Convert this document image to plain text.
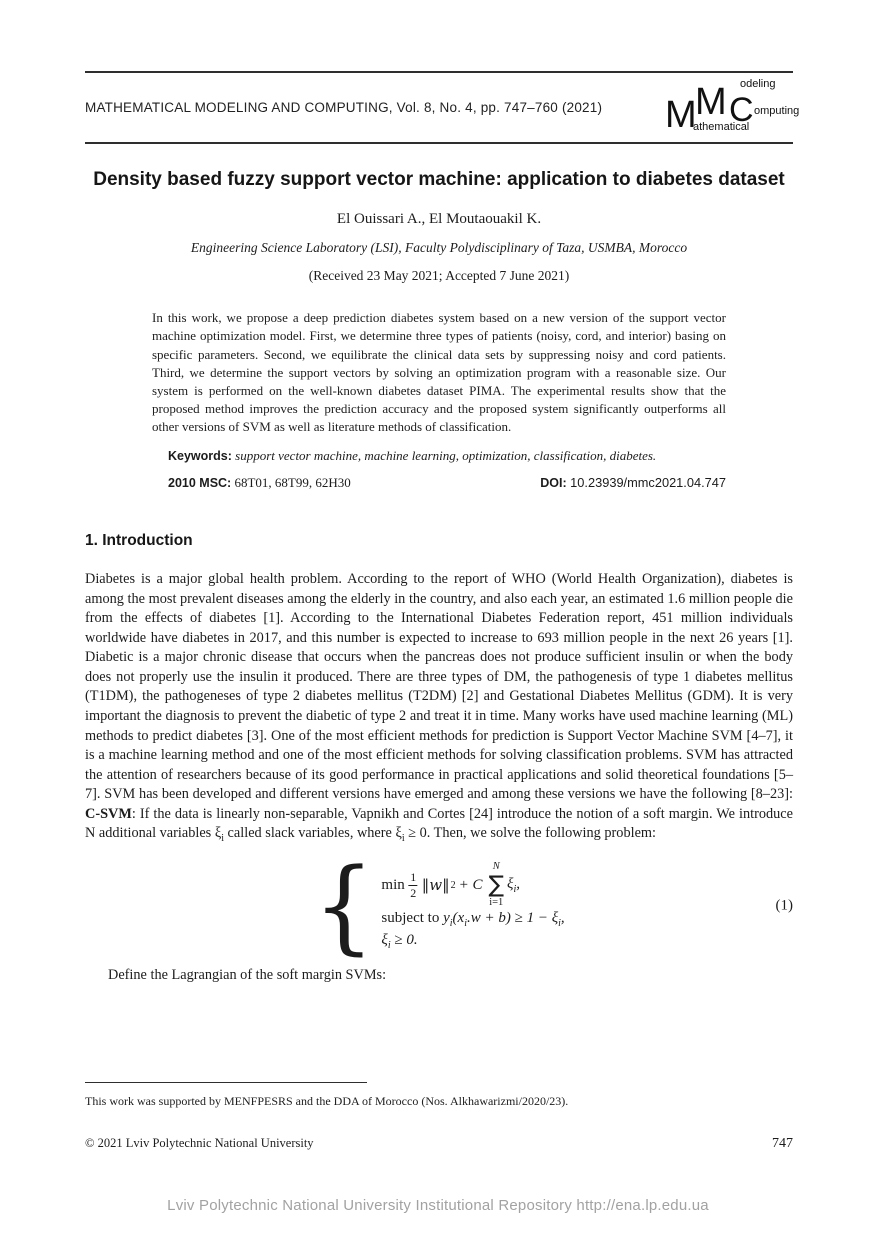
MATHEMATICAL MODELING AND COMPUTING, Vol. 8, No. 4, pp. 747–760 (2021) M
M C
odeling
omputing
athematical
Density based fuzzy support vector machine: application to diabetes dataset
El Ouissari A., El Moutaouakil K.
Engineering Science Laboratory (LSI), Faculty Polydisciplinary of Taza, USMBA, Morocco
(Received 23 May 2021; Accepted 7 June 2021)

In this work, we propose a deep prediction diabetes system based on a new version of the support vector machine optimization model. First, we determine three types of patients (noisy, cord, and interior) basing on specific parameters. Second, we equilibrate the clinical data sets by suppressing noisy and cord patients. Third, we determine the support vectors by solving an optimization program with a reasonable size. Our system is performed on the well-known diabetes dataset PIMA. The experimental results show that the proposed method improves the prediction accuracy and the proposed system significantly outperforms all other versions of SVM as well as literature methods of classification.

Keywords: support vector machine, machine learning, optimization, classification, diabetes.

2010 MSC: 68T01, 68T99, 62H30	DOI: 10.23939/mmc2021.04.747
1. Introduction

Diabetes is a major global health problem. According to the report of WHO (World Health Organization), diabetes is among the most prevalent diseases among the elderly in the country, and also each year, an estimated 1.6 million people die from the effects of diabetes [1]. According to the International Diabetes Federation report, 451 million individuals worldwide have diabetes in 2017, and this number is expected to increase to 693 million people in the next 26 years [1]. Diabetic is a major chronic disease that occurs when the pancreas does not produce sufficient insulin or when the body does not properly use the insulin it produced. There are three types of DM, the pathogenesis of type 1 diabetes mellitus (T1DM), the pathogeneses of type 2 diabetes mellitus (T2DM) [2] and Gestational Diabetes Mellitus (GDM). It is very important the diagnosis to prevent the diabetic of type 2 and treat it in time. Many works have used machine learning (ML) methods to predict diabetes [3]. One of the most efficient methods for prediction is Support Vector Machine SVM [4–7], it is a machine learning method and one of the most efficient methods for solving classification problems. SVM has attracted the attention of researchers because of its good performance in practical applications and solid theoretical foundations [5–7]. SVM has been developed and different versions have emerged and among these versions we have the following [8–23]: C-SVM: If the data is linearly non-separable, Vapnikh and Cortes [24] introduce the notion of a soft margin. We introduce N additional variables $\xi_i$ called slack variables, where $\xi_i \ge 0$. Then, we solve the following problem:

{ $\min \frac{1}{2}$ ‖w‖ 2 + C
N
∑
i=1
$\xi_i$,
subject to $y_i(x_i.w + b) \ge 1 - \xi_i$,
$\xi_i \ge 0$.
(1)

Define the Lagrangian of the soft margin SVMs:

This work was supported by MENFPESRS and the DDA of Morocco (Nos. Alkhawarizmi/2020/23).
© 2021 Lviv Polytechnic National University	747
Lviv Polytechnic National University Institutional Repository http://ena.lp.edu.ua
